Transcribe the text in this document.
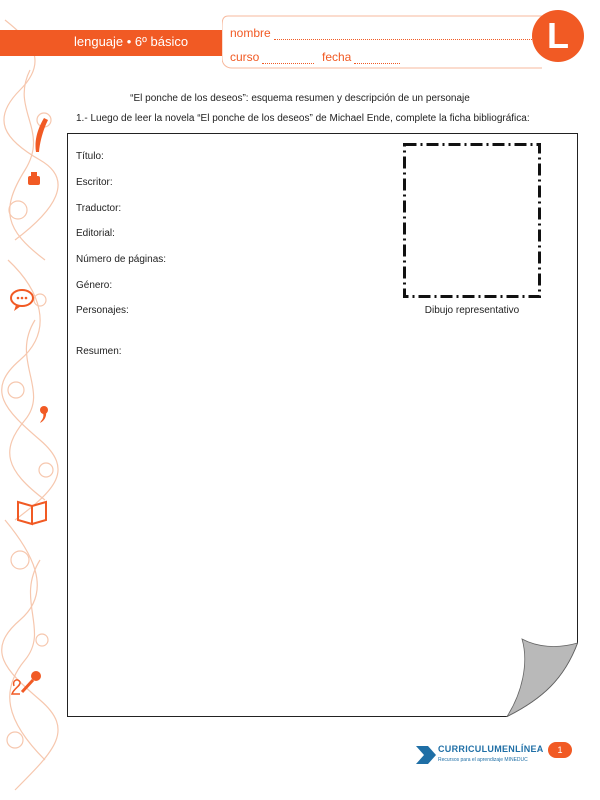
lenguaje • 6º básico
nombre
curso	fecha
L
“El ponche de los deseos”: esquema resumen y descripción de un personaje
1.- Luego de leer la novela “El ponche de los deseos” de Michael Ende, complete la ficha bibliográfica:
Título:
Escritor:
Traductor:
Editorial:
Número de páginas:
Género:
Personajes:
Resumen:
Dibujo representativo
CURRICULUMENLÍNEA
Recursos para el aprendizaje MINEDUC
1
